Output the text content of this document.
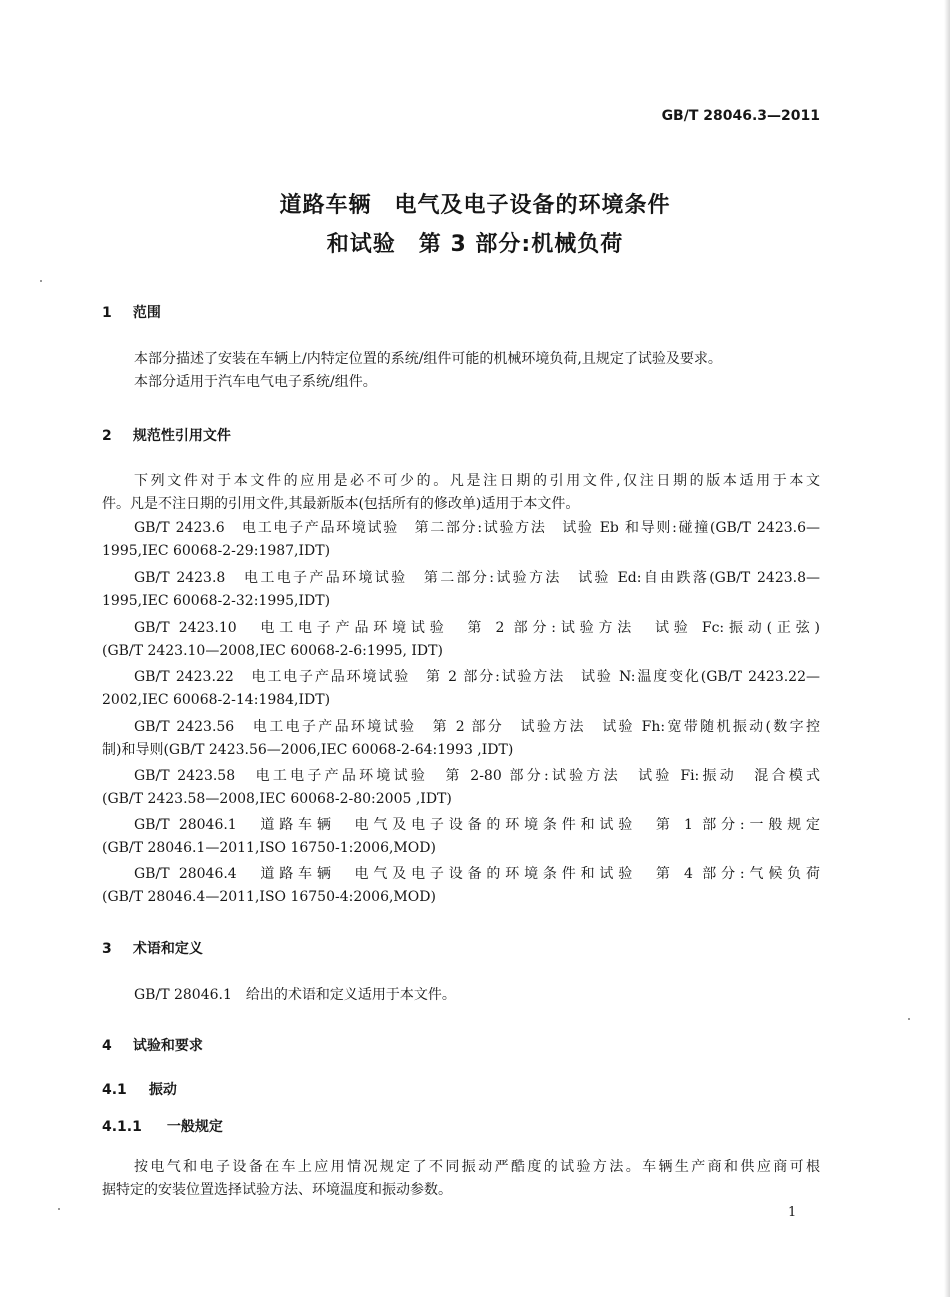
GB/T 28046.3—2011
道路车辆　电气及电子设备的环境条件
和试验　第 3 部分:机械负荷
1 范围
本部分描述了安装在车辆上/内特定位置的系统/组件可能的机械环境负荷,且规定了试验及要求。
本部分适用于汽车电气电子系统/组件。
2 规范性引用文件
下列文件对于本文件的应用是必不可少的。凡是注日期的引用文件,仅注日期的版本适用于本文
件。凡是不注日期的引用文件,其最新版本(包括所有的修改单)适用于本文件。
GB/T 2423.6　电工电子产品环境试验　第二部分:试验方法　试验 Eb 和导则:碰撞(GB/T 2423.6—
1995,IEC 60068-2-29:1987,IDT)
GB/T 2423.8　电工电子产品环境试验　第二部分:试验方法　试验 Ed:自由跌落(GB/T 2423.8—
1995,IEC 60068-2-32:1995,IDT)
GB/T 2423.10　电工电子产品环境试验　第 2 部分:试验方法　试验 Fc:振动(正弦)
(GB/T 2423.10—2008,IEC 60068-2-6:1995, IDT)
GB/T 2423.22　电工电子产品环境试验　第 2 部分:试验方法　试验 N:温度变化(GB/T 2423.22—
2002,IEC 60068-2-14:1984,IDT)
GB/T 2423.56　电工电子产品环境试验　第 2 部分　试验方法　试验 Fh:宽带随机振动(数字控
制)和导则(GB/T 2423.56—2006,IEC 60068-2-64:1993 ,IDT)
GB/T 2423.58　电工电子产品环境试验　第 2-80 部分:试验方法　试验 Fi:振动　混合模式
(GB/T 2423.58—2008,IEC 60068-2-80:2005 ,IDT)
GB/T 28046.1　道路车辆　电气及电子设备的环境条件和试验　第 1 部分:一般规定
(GB/T 28046.1—2011,ISO 16750-1:2006,MOD)
GB/T 28046.4　道路车辆　电气及电子设备的环境条件和试验　第 4 部分:气候负荷
(GB/T 28046.4—2011,ISO 16750-4:2006,MOD)
3 术语和定义
GB/T 28046.1　给出的术语和定义适用于本文件。
4 试验和要求
4.1 振动
4.1.1 一般规定
按电气和电子设备在车上应用情况规定了不同振动严酷度的试验方法。车辆生产商和供应商可根
据特定的安装位置选择试验方法、环境温度和振动参数。
1
